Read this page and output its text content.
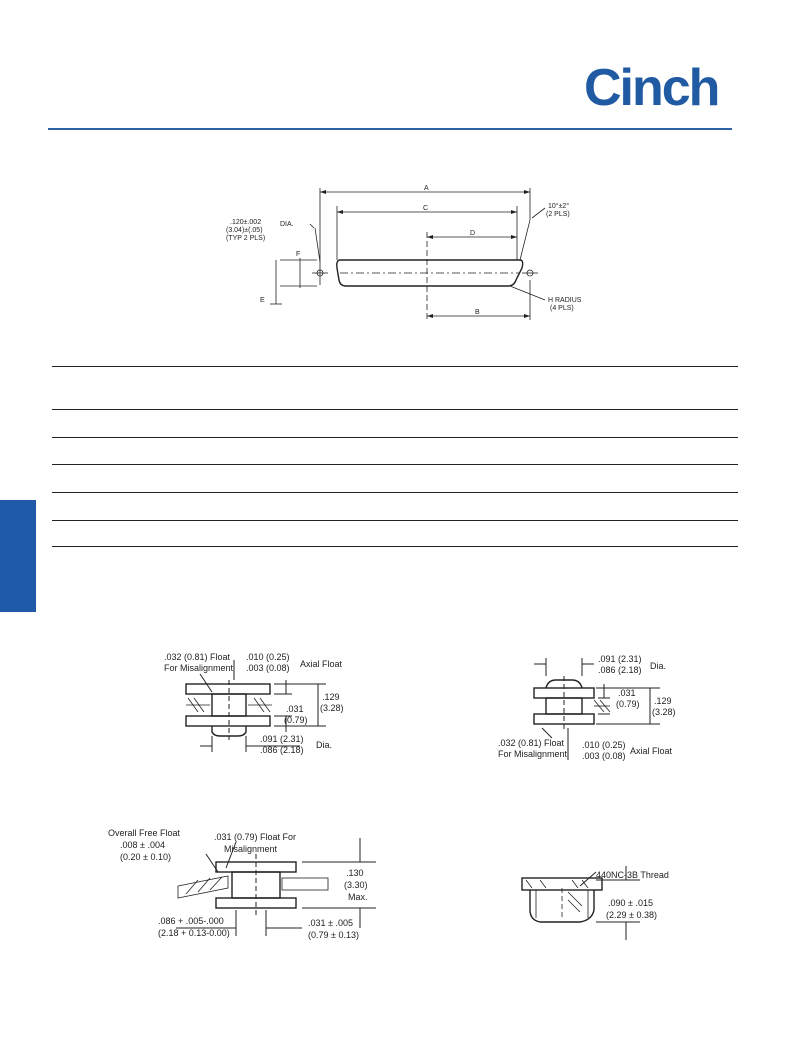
Cinch
A
C
D
B
E
F
.120±.002	DIA.
(3.04)±(.05)
(TYP 2 PLS)
10°±2°
(2 PLS)
H RADIUS
(4 PLS)
.032 (0.81) Float
For Misalignment
.010 (0.25)
.003 (0.08) Axial Float
.129
(3.28)
.031
(0.79)
.091 (2.31)
.086 (2.18) Dia.
.091 (2.31)
.086 (2.18) Dia.
.031
(0.79) .129
(3.28)
.032 (0.81) Float
For Misalignment
.010 (0.25)
.003 (0.08) Axial Float
Overall Free Float
.008 ± .004
(0.20 ± 0.10)
.031 (0.79) Float For
Misalignment
.130
(3.30)
Max.
.086 + .005-.000
(2.18 + 0.13-0.00)
.031 ± .005
(0.79 ± 0.13)
440NC-3B Thread
.090 ± .015
(2.29 ± 0.38)
